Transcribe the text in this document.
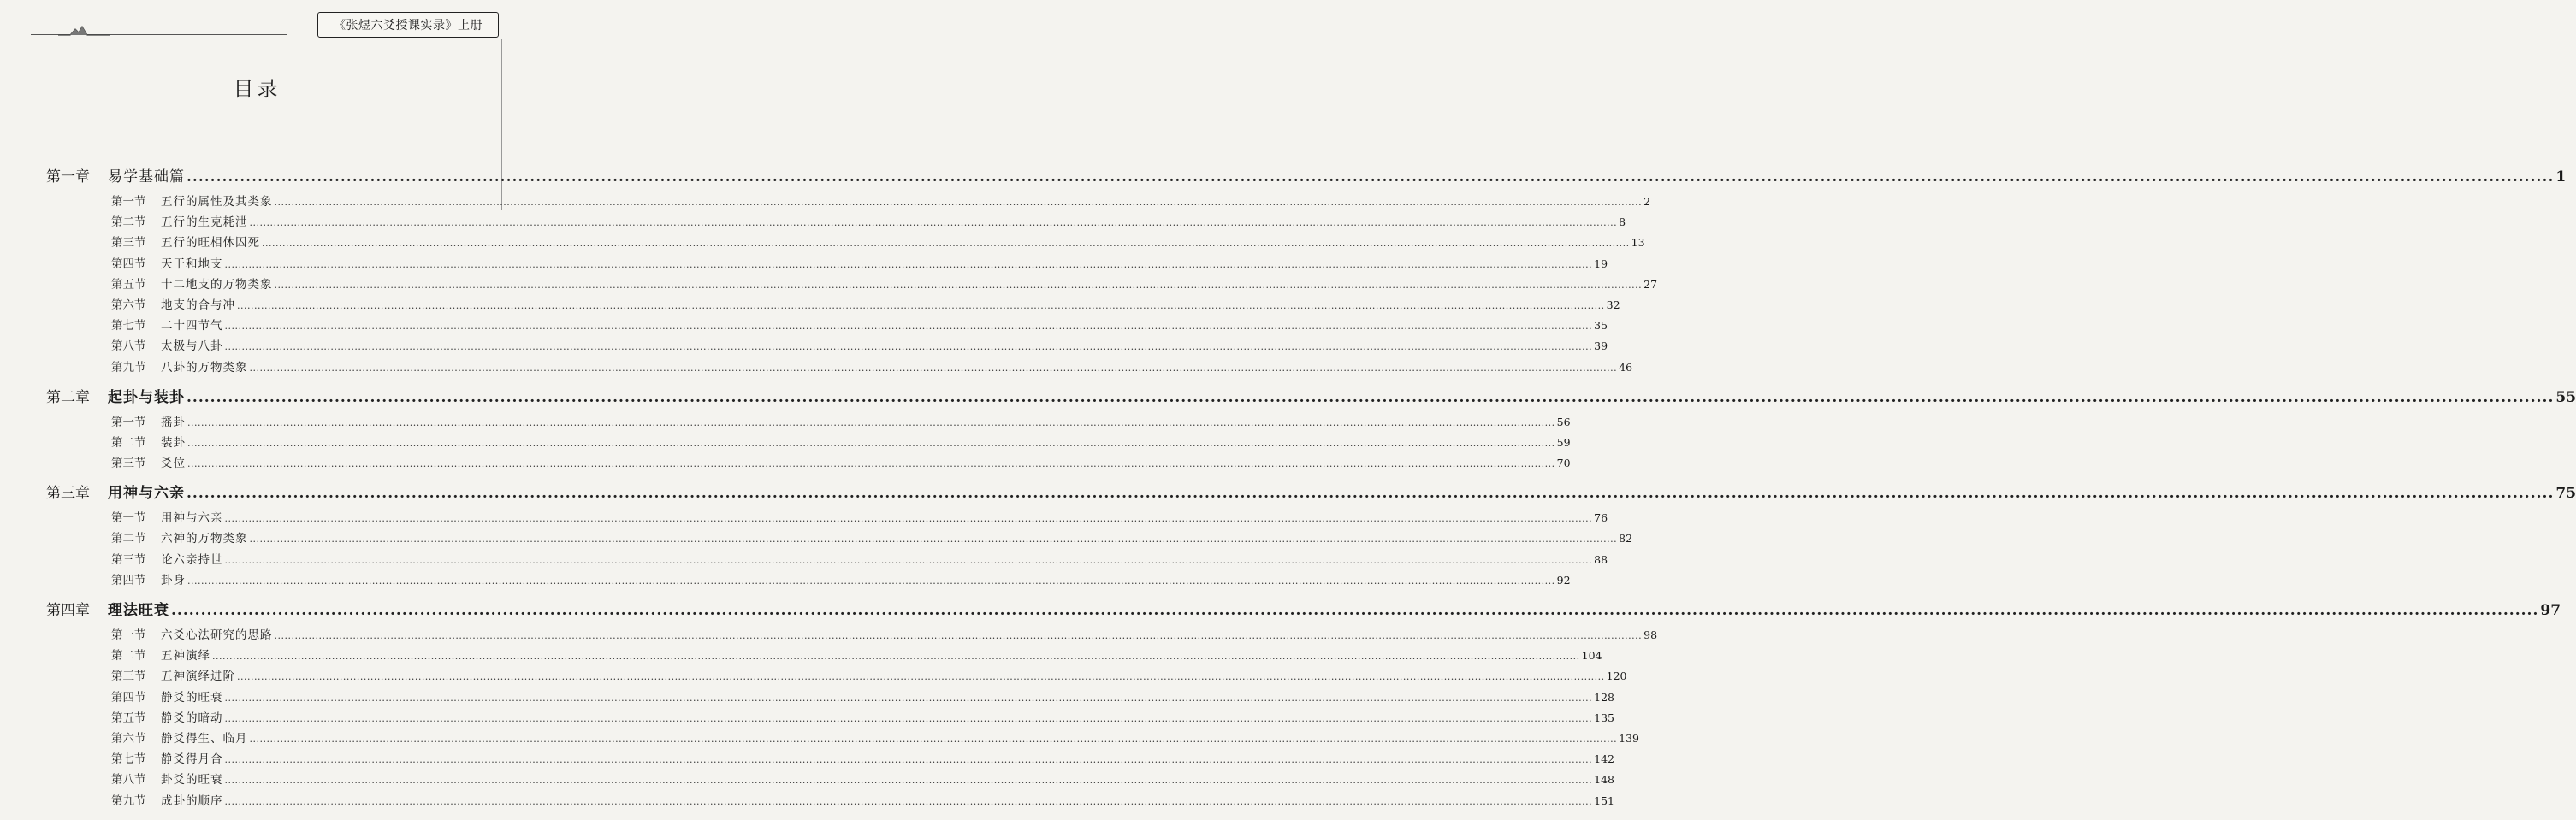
《张煜六爻授课实录》上册
目录
第一章	易学基础篇 ................................................................................................................................................................................................................................................................................................................................................................................................................ 1
第一节	五行的属性及其类象 ................................................................................................................................................................................................................................................................................................................................................................................................................ 2
第二节	五行的生克耗泄 ................................................................................................................................................................................................................................................................................................................................................................................................................ 8
第三节	五行的旺相休囚死 ................................................................................................................................................................................................................................................................................................................................................................................................................ 13
第四节	天干和地支 ................................................................................................................................................................................................................................................................................................................................................................................................................ 19
第五节	十二地支的万物类象 ................................................................................................................................................................................................................................................................................................................................................................................................................ 27
第六节	地支的合与冲 ................................................................................................................................................................................................................................................................................................................................................................................................................ 32
第七节	二十四节气 ................................................................................................................................................................................................................................................................................................................................................................................................................ 35
第八节	太极与八卦 ................................................................................................................................................................................................................................................................................................................................................................................................................ 39
第九节	八卦的万物类象 ................................................................................................................................................................................................................................................................................................................................................................................................................ 46
第二章	起卦与装卦 ................................................................................................................................................................................................................................................................................................................................................................................................................ 55
第一节	摇卦 ................................................................................................................................................................................................................................................................................................................................................................................................................ 56
第二节	装卦 ................................................................................................................................................................................................................................................................................................................................................................................................................ 59
第三节	爻位 ................................................................................................................................................................................................................................................................................................................................................................................................................ 70
第三章	用神与六亲 ................................................................................................................................................................................................................................................................................................................................................................................................................ 75
第一节	用神与六亲 ................................................................................................................................................................................................................................................................................................................................................................................................................ 76
第二节	六神的万物类象 ................................................................................................................................................................................................................................................................................................................................................................................................................ 82
第三节	论六亲持世 ................................................................................................................................................................................................................................................................................................................................................................................................................ 88
第四节	卦身 ................................................................................................................................................................................................................................................................................................................................................................................................................ 92
第四章	理法旺衰 ................................................................................................................................................................................................................................................................................................................................................................................................................ 97
第一节	六爻心法研究的思路 ................................................................................................................................................................................................................................................................................................................................................................................................................ 98
第二节	五神演绎 ................................................................................................................................................................................................................................................................................................................................................................................................................ 104
第三节	五神演绎进阶 ................................................................................................................................................................................................................................................................................................................................................................................................................ 120
第四节	静爻的旺衰 ................................................................................................................................................................................................................................................................................................................................................................................................................ 128
第五节	静爻的暗动 ................................................................................................................................................................................................................................................................................................................................................................................................................ 135
第六节	静爻得生、临月 ................................................................................................................................................................................................................................................................................................................................................................................................................ 139
第七节	静爻得月合 ................................................................................................................................................................................................................................................................................................................................................................................................................ 142
第八节	卦爻的旺衰 ................................................................................................................................................................................................................................................................................................................................................................................................................ 148
第九节	成卦的顺序 ................................................................................................................................................................................................................................................................................................................................................................................................................ 151
